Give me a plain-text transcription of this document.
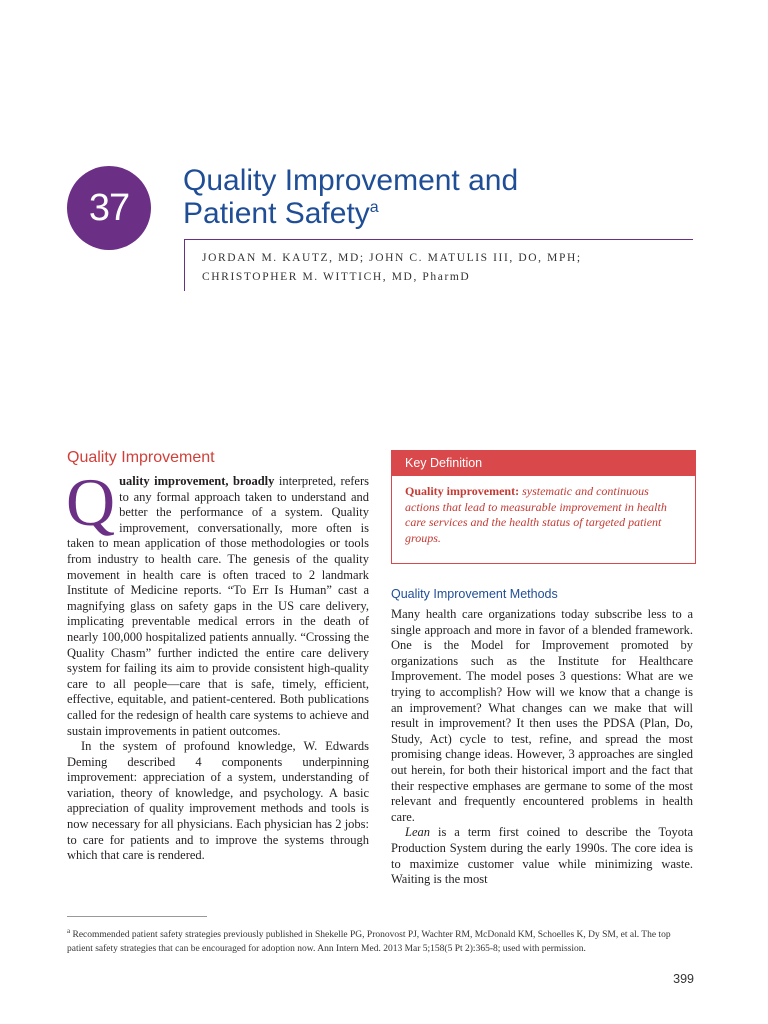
37
Quality Improvement and
Patient Safety$^a$

JORDAN M. KAUTZ, MD; JOHN C. MATULIS III, DO, MPH;
CHRISTOPHER M. WITTICH, MD, PharmD

Quality Improvement

Quality improvement, broadly interpreted, refers to any formal approach taken to understand and better the performance of a system. Quality improvement, conversationally, more often is taken to mean application of those methodologies or tools from industry to health care. The genesis of the quality movement in health care is often traced to 2 landmark Institute of Medicine reports. “To Err Is Human” cast a magnifying glass on safety gaps in the US care delivery, implicating preventable medical errors in the death of nearly 100,000 hospitalized patients annually. “Crossing the Quality Chasm” further indicted the entire care delivery system for failing its aim to provide consistent high-quality care to all people—care that is safe, timely, efficient, effective, equitable, and patient-centered. Both publications called for the redesign of health care systems to achieve and sustain improvements in patient outcomes.

In the system of profound knowledge, W. Edwards Deming described 4 components underpinning improvement: appreciation of a system, understanding of variation, theory of knowledge, and psychology. A basic appreciation of quality improvement methods and tools is now necessary for all physicians. Each physician has 2 jobs: to care for patients and to improve the systems through which that care is rendered.

Key Definition
Quality improvement: systematic and continuous actions that lead to measurable improvement in health care services and the health status of targeted patient groups.
Quality Improvement Methods

Many health care organizations today subscribe less to a single approach and more in favor of a blended framework. One is the Model for Improvement promoted by organizations such as the Institute for Healthcare Improvement. The model poses 3 questions: What are we trying to accomplish? How will we know that a change is an improvement? What changes can we make that will result in improvement? It then uses the PDSA (Plan, Do, Study, Act) cycle to test, refine, and spread the most promising change ideas. However, 3 approaches are singled out herein, for both their historical import and the fact that their respective emphases are germane to some of the most relevant and frequently encountered problems in health care.

Lean is a term first coined to describe the Toyota Production System during the early 1990s. The core idea is to maximize customer value while minimizing waste. Waiting is the most

$^a$ Recommended patient safety strategies previously published in Shekelle PG, Pronovost PJ, Wachter RM, McDonald KM, Schoelles K, Dy SM, et al. The top patient safety strategies that can be encouraged for adoption now. Ann Intern Med. 2013 Mar 5;158(5 Pt 2):365-8; used with permission.

399
